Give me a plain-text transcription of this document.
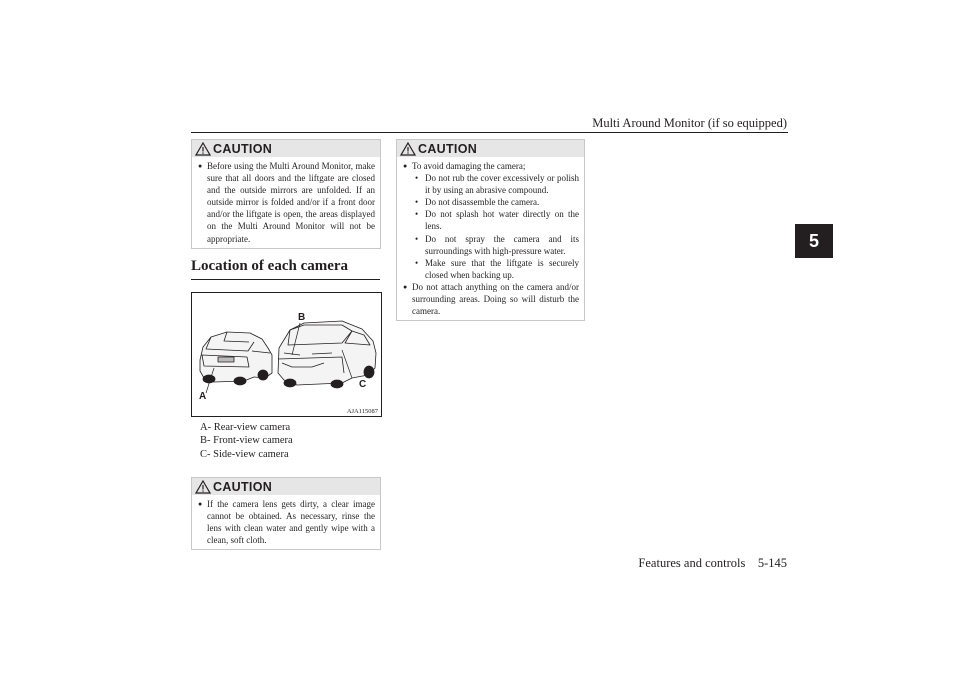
Multi Around Monitor (if so equipped)
5
CAUTION
● Before using the Multi Around Monitor, make sure that all doors and the liftgate are closed and the outside mirrors are unfolded. If an outside mirror is folded and/or if a front door and/or the liftgate is open, the areas displayed on the Multi Around Monitor will not be appropriate.
Location of each camera
A
B
C
AJA115087
A- Rear-view camera
B- Front-view camera
C- Side-view camera
CAUTION
● If the camera lens gets dirty, a clear image cannot be obtained. As necessary, rinse the lens with clean water and gently wipe with a clean, soft cloth.
CAUTION
● To avoid damaging the camera;
• Do not rub the cover excessively or polish it by using an abrasive compound.
• Do not disassemble the camera.
• Do not splash hot water directly on the lens.
• Do not spray the camera and its surroundings with high-pressure water.
• Make sure that the liftgate is securely closed when backing up.
● Do not attach anything on the camera and/or surrounding areas. Doing so will disturb the camera.
Features and controls    5-145
